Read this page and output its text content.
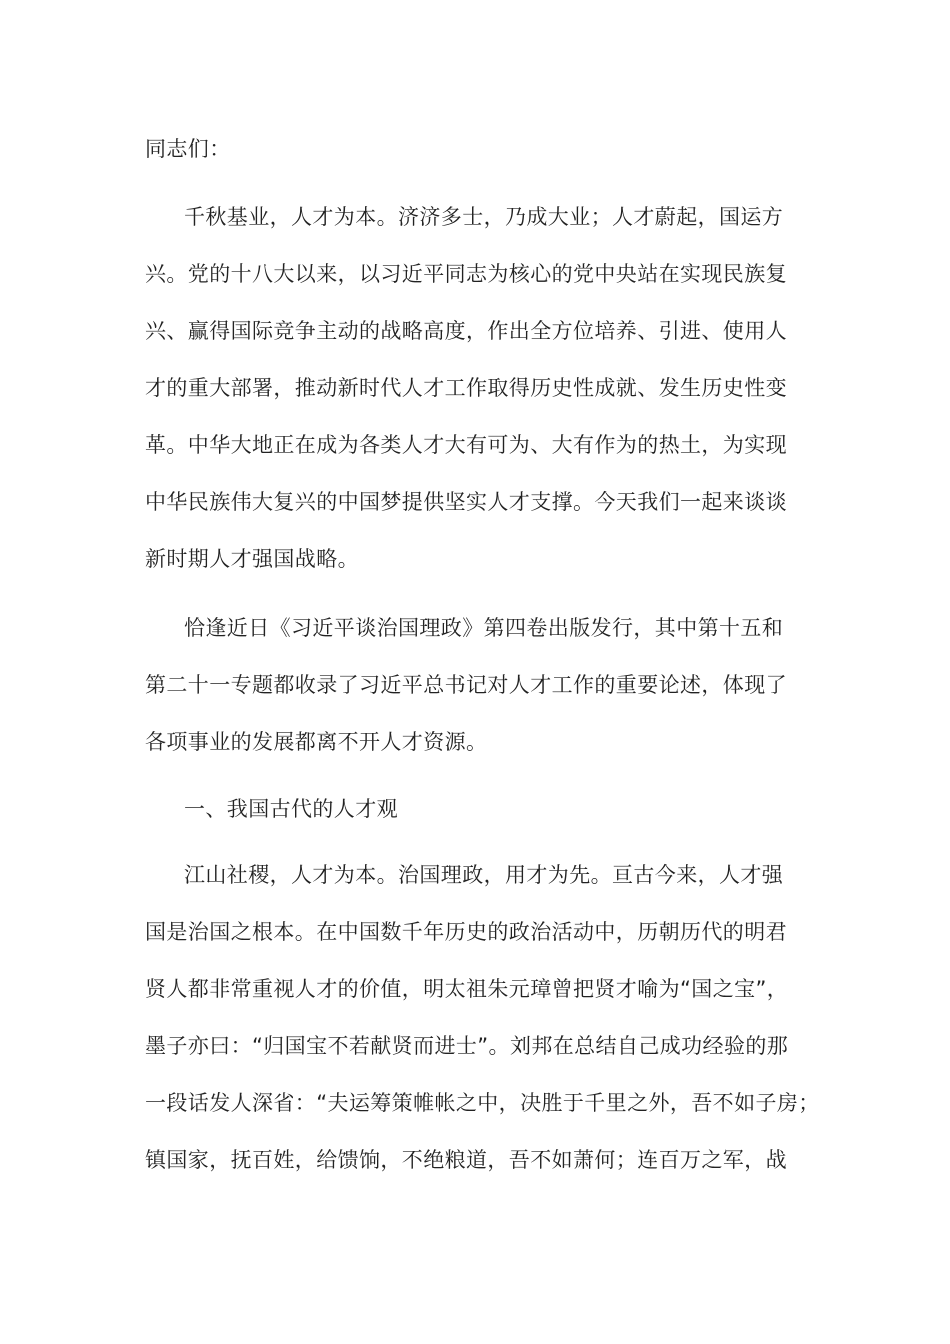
同志们：

千秋基业，人才为本。济济多士，乃成大业；人才蔚起，国运方

兴。党的十八大以来，以习近平同志为核心的党中央站在实现民族复

兴、赢得国际竞争主动的战略高度，作出全方位培养、引进、使用人

才的重大部署，推动新时代人才工作取得历史性成就、发生历史性变

革。中华大地正在成为各类人才大有可为、大有作为的热土，为实现

中华民族伟大复兴的中国梦提供坚实人才支撑。今天我们一起来谈谈

新时期人才强国战略。

恰逢近日《习近平谈治国理政》第四卷出版发行，其中第十五和

第二十一专题都收录了习近平总书记对人才工作的重要论述，体现了

各项事业的发展都离不开人才资源。

一、我国古代的人才观

江山社稷，人才为本。治国理政，用才为先。亘古今来，人才强

国是治国之根本。在中国数千年历史的政治活动中，历朝历代的明君

贤人都非常重视人才的价值，明太祖朱元璋曾把贤才喻为“国之宝”，

墨子亦曰：“归国宝不若献贤而进士”。刘邦在总结自己成功经验的那

一段话发人深省：“夫运筹策帷帐之中，决胜于千里之外，吾不如子房；

镇国家，抚百姓，给馈饷，不绝粮道，吾不如萧何；连百万之军，战
